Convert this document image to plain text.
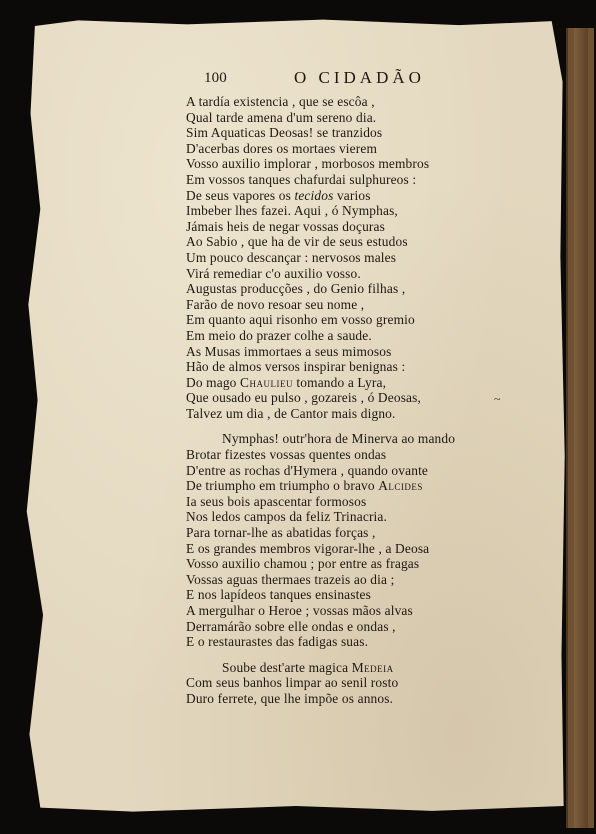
100	O CIDADÃO
A tardía existencia , que se escôa ,
Qual tarde amena d'um sereno dia.
Sim Aquaticas Deosas! se tranzidos
D'acerbas dores os mortaes vierem
Vosso auxilio implorar , morbosos membros
Em vossos tanques chafurdai sulphureos :
De seus vapores os tecidos varios
Imbeber lhes fazei. Aqui , ó Nymphas,
Jámais heis de negar vossas doçuras
Ao Sabio , que ha de vir de seus estudos
Um pouco descançar : nervosos males
Virá remediar c'o auxilio vosso.
Augustas producções , do Genio filhas ,
Farão de novo resoar seu nome ,
Em quanto aqui risonho em vosso gremio
Em meio do prazer colhe a saude.
As Musas immortaes a seus mimosos
Hão de almos versos inspirar benignas :
Do mago Chaulieu tomando a Lyra,
Que ousado eu pulso , gozareis , ó Deosas,
Talvez um dia , de Cantor mais digno.
Nymphas! outr'hora de Minerva ao mando
Brotar fizestes vossas quentes ondas
D'entre as rochas d'Hymera , quando ovante
De triumpho em triumpho o bravo Alcides
Ia seus bois apascentar formosos
Nos ledos campos da feliz Trinacria.
Para tornar-lhe as abatidas forças ,
E os grandes membros vigorar-lhe , a Deosa
Vosso auxilio chamou ; por entre as fragas
Vossas aguas thermaes trazeis ao dia ;
E nos lapídeos tanques ensinastes
A mergulhar o Heroe ; vossas mãos alvas
Derramárão sobre elle ondas e ondas ,
E o restaurastes das fadigas suas.
Soube dest'arte magica Medeia
Com seus banhos limpar ao senil rosto
Duro ferrete, que lhe impõe os annos.
~
